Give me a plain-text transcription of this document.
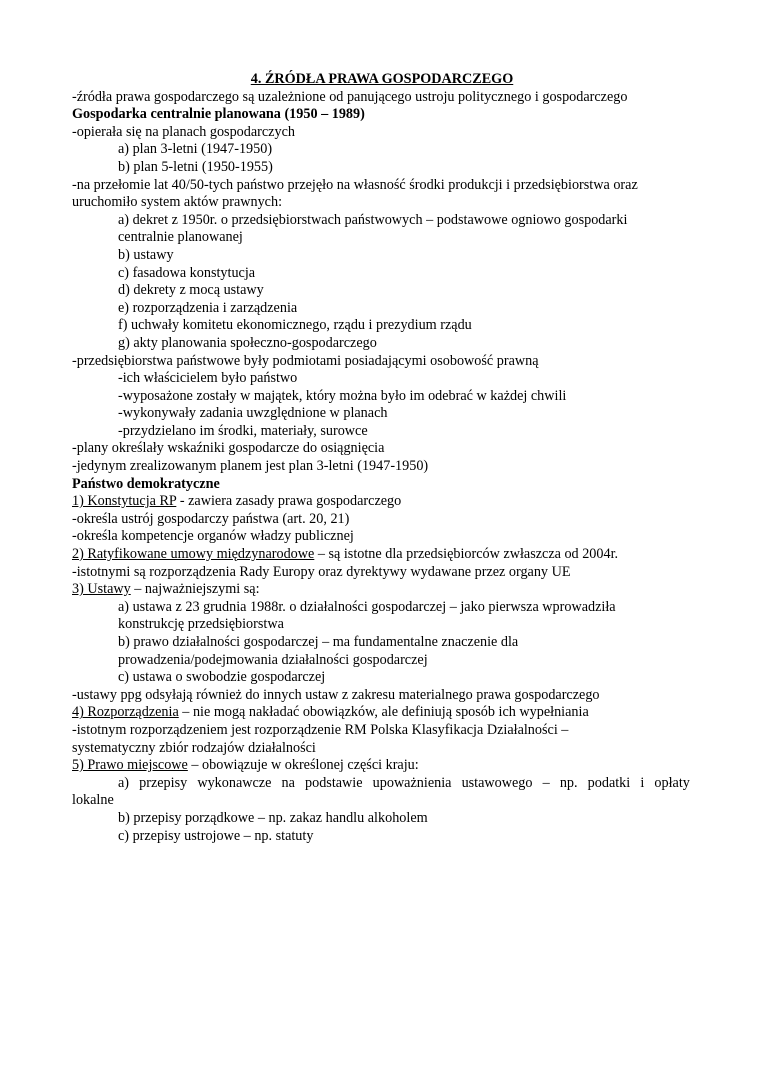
4. ŹRÓDŁA PRAWA GOSPODARCZEGO
-źródła prawa gospodarczego są uzależnione od panującego ustroju politycznego i gospodarczego
Gospodarka centralnie planowana (1950 – 1989)
-opierała się na planach gospodarczych
a) plan 3-letni (1947-1950)
b) plan 5-letni (1950-1955)
-na przełomie lat 40/50-tych państwo przejęło na własność środki produkcji i przedsiębiorstwa oraz
uruchomiło system aktów prawnych:
a) dekret z 1950r. o przedsiębiorstwach państwowych – podstawowe ogniowo gospodarki
centralnie planowanej
b) ustawy
c) fasadowa konstytucja
d) dekrety z mocą ustawy
e) rozporządzenia i zarządzenia
f) uchwały komitetu ekonomicznego, rządu i prezydium rządu
g) akty planowania społeczno-gospodarczego
-przedsiębiorstwa państwowe były podmiotami posiadającymi osobowość prawną
-ich właścicielem było państwo
-wyposażone zostały w majątek, który można było im odebrać w każdej chwili
-wykonywały zadania uwzględnione w planach
-przydzielano im środki, materiały, surowce
-plany określały wskaźniki gospodarcze do osiągnięcia
-jedynym zrealizowanym planem jest plan 3-letni (1947-1950)
Państwo demokratyczne
1) Konstytucja RP - zawiera zasady prawa gospodarczego
-określa ustrój gospodarczy państwa (art. 20, 21)
-określa kompetencje organów władzy publicznej
2) Ratyfikowane umowy międzynarodowe – są istotne dla przedsiębiorców zwłaszcza od 2004r.
-istotnymi są rozporządzenia Rady Europy oraz dyrektywy wydawane przez organy UE
3) Ustawy – najważniejszymi są:
a) ustawa z 23 grudnia 1988r. o działalności gospodarczej – jako pierwsza wprowadziła
konstrukcję przedsiębiorstwa
b) prawo działalności gospodarczej – ma fundamentalne znaczenie dla
prowadzenia/podejmowania działalności gospodarczej
c) ustawa o swobodzie gospodarczej
-ustawy ppg odsyłają również do innych ustaw z zakresu materialnego prawa gospodarczego
4) Rozporządzenia – nie mogą nakładać obowiązków, ale definiują sposób ich wypełniania
-istotnym rozporządzeniem jest rozporządzenie RM Polska Klasyfikacja Działalności –
systematyczny zbiór rodzajów działalności
5) Prawo miejscowe – obowiązuje w określonej części kraju:
a) przepisy wykonawcze na podstawie upoważnienia ustawowego – np. podatki i opłaty
lokalne
b) przepisy porządkowe – np. zakaz handlu alkoholem
c) przepisy ustrojowe – np. statuty
